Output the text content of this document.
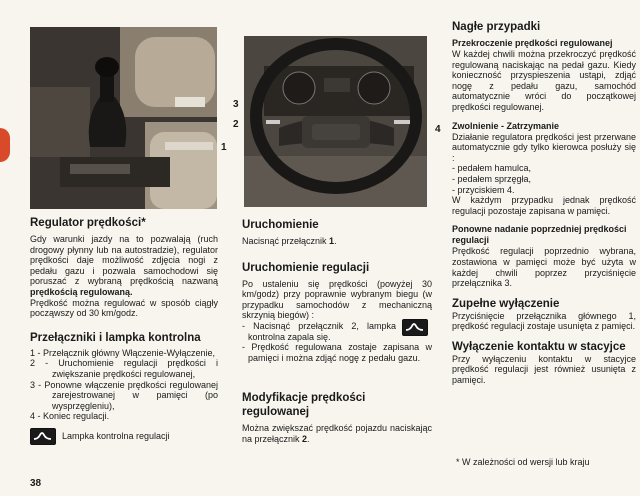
1
3
2	4
Regulator prędkości*

Gdy warunki jazdy na to pozwalają (ruch drogowy płynny lub na autostradzie), regulator prędkości daje możliwość zdjęcia nogi z pedału gazu i pozwala samochodowi się poruszać z wybraną prędkością nazwaną prędkością regulowaną.

Prędkość można regulować w sposób ciągły począwszy od 30 km/godz.

Przełączniki i lampka kontrolna
1 - Przełącznik główny Włączenie-Wyłączenie,
2 - Uruchomienie regulacji prędkości i zwiększanie prędkości regulowanej,
3 - Ponowne włączenie prędkości regulowanej zarejestrowanej w pamięci (po wysprzęgleniu),
4 - Koniec regulacji.
Lampka kontrolna regulacji
Uruchomienie

Nacisnąć przełącznik 1.

Uruchomienie regulacji

Po ustaleniu się prędkości (powyżej 30 km/godz) przy poprawnie wybranym biegu (w przypadku samochodów z mechaniczną skrzynią biegów) :

- Nacisnąć przełącznik 2, lampka kontrolna zapala się.
- Prędkość regulowana zostaje zapisana w pamięci i można zdjąć nogę z pedału gazu.
Modyfikacje prędkości regulowanej

Można zwiększać prędkość pojazdu naciskając na przełącznik 2.

Nagłe przypadki
Przekroczenie prędkości regulowanej

W każdej chwili można przekroczyć prędkość regulowaną naciskając na pedał gazu. Kiedy konieczność przyspieszenia ustąpi, zdjąć nogę z pedału gazu, samochód automatycznie wróci do początkowej prędkości regulowanej.

Zwolnienie - Zatrzymanie

Działanie regulatora prędkości jest przerwane automatycznie gdy tylko kierowca posłuży się :

- pedałem hamulca,
- pedałem sprzęgła,
- przyciskiem 4.

W każdym przypadku jednak prędkość regulacji pozostaje zapisana w pamięci.

Ponowne nadanie poprzedniej prędkości regulacji

Prędkość regulacji poprzednio wybrana, zostawiona w pamięci może być użyta w każdej chwili poprzez przyciśnięcie przełącznika 3.

Zupełne wyłączenie

Przyciśnięcie przełącznika głównego 1, prędkość regulacji zostaje usunięta z pamięci.

Wyłączenie kontaktu w stacyjce

Przy wyłączeniu kontaktu w stacyjce prędkość regulacji jest również usunięta z pamięci.

* W zależności od wersji lub kraju
38
